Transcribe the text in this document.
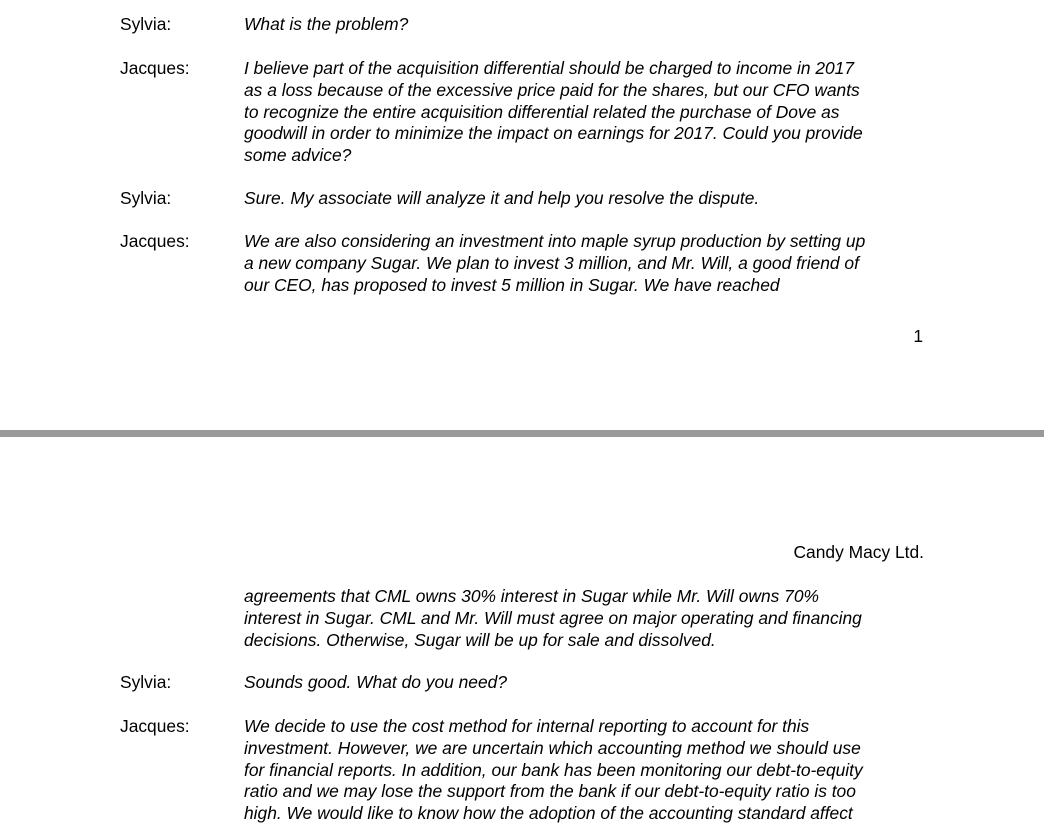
Sylvia:	What is the problem?
Jacques:	I believe part of the acquisition differential should be charged to income in 2017
as a loss because of the excessive price paid for the shares, but our CFO wants
to recognize the entire acquisition differential related the purchase of Dove as
goodwill in order to minimize the impact on earnings for 2017. Could you provide
some advice?
Sylvia:	Sure. My associate will analyze it and help you resolve the dispute.
Jacques:	We are also considering an investment into maple syrup production by setting up
a new company Sugar. We plan to invest 3 million, and Mr. Will, a good friend of
our CEO, has proposed to invest 5 million in Sugar. We have reached
1
Candy Macy Ltd.
agreements that CML owns 30% interest in Sugar while Mr. Will owns 70%
interest in Sugar. CML and Mr. Will must agree on major operating and financing
decisions. Otherwise, Sugar will be up for sale and dissolved.
Sylvia:	Sounds good. What do you need?
Jacques:	We decide to use the cost method for internal reporting to account for this
investment. However, we are uncertain which accounting method we should use
for financial reports. In addition, our bank has been monitoring our debt-to-equity
ratio and we may lose the support from the bank if our debt-to-equity ratio is too
high. We would like to know how the adoption of the accounting standard affect
